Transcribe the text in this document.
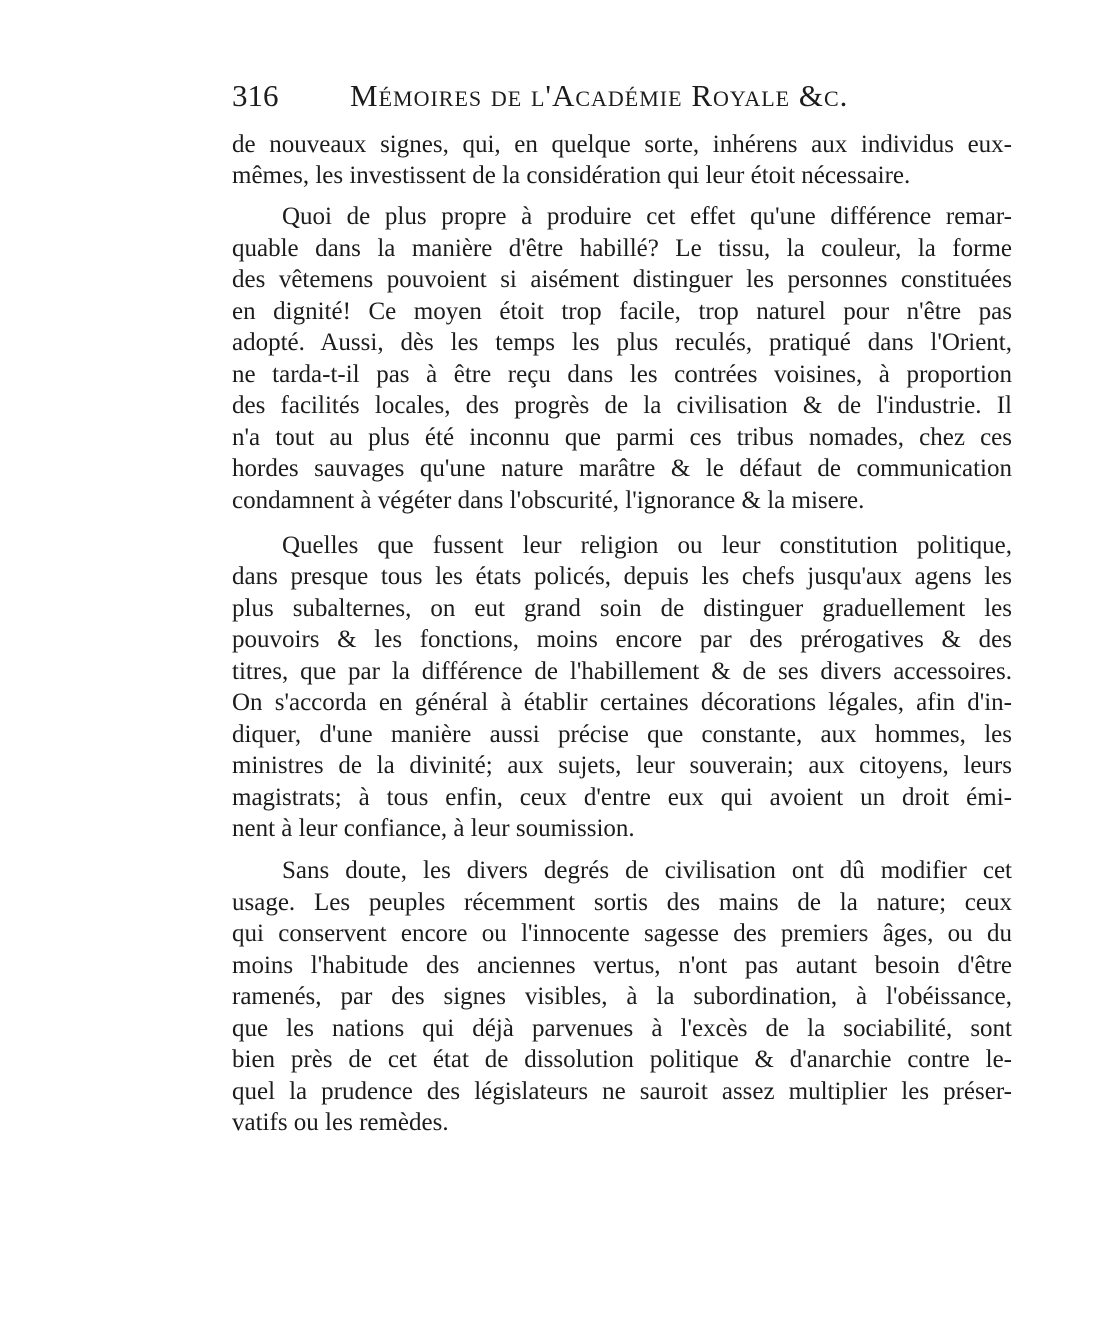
316 Mémoires de l'Académie Royale &c.
de nouveaux signes, qui, en quelque sorte, inhérens aux individus eux-
mêmes, les investissent de la considération qui leur étoit nécessaire.
Quoi de plus propre à produire cet effet qu'une différence remar-
quable dans la manière d'être habillé? Le tissu, la couleur, la forme
des vêtemens pouvoient si aisément distinguer les personnes constituées
en dignité! Ce moyen étoit trop facile, trop naturel pour n'être pas
adopté. Aussi, dès les temps les plus reculés, pratiqué dans l'Orient,
ne tarda-t-il pas à être reçu dans les contrées voisines, à proportion
des facilités locales, des progrès de la civilisation & de l'industrie. Il
n'a tout au plus été inconnu que parmi ces tribus nomades, chez ces
hordes sauvages qu'une nature marâtre & le défaut de communication
condamnent à végéter dans l'obscurité, l'ignorance & la misere.
Quelles que fussent leur religion ou leur constitution politique,
dans presque tous les états policés, depuis les chefs jusqu'aux agens les
plus subalternes, on eut grand soin de distinguer graduellement les
pouvoirs & les fonctions, moins encore par des prérogatives & des
titres, que par la différence de l'habillement & de ses divers accessoires.
On s'accorda en général à établir certaines décorations légales, afin d'in-
diquer, d'une manière aussi précise que constante, aux hommes, les
ministres de la divinité; aux sujets, leur souverain; aux citoyens, leurs
magistrats; à tous enfin, ceux d'entre eux qui avoient un droit émi-
nent à leur confiance, à leur soumission.
Sans doute, les divers degrés de civilisation ont dû modifier cet
usage. Les peuples récemment sortis des mains de la nature; ceux
qui conservent encore ou l'innocente sagesse des premiers âges, ou du
moins l'habitude des anciennes vertus, n'ont pas autant besoin d'être
ramenés, par des signes visibles, à la subordination, à l'obéissance,
que les nations qui déjà parvenues à l'excès de la sociabilité, sont
bien près de cet état de dissolution politique & d'anarchie contre le-
quel la prudence des législateurs ne sauroit assez multiplier les préser-
vatifs ou les remèdes.
